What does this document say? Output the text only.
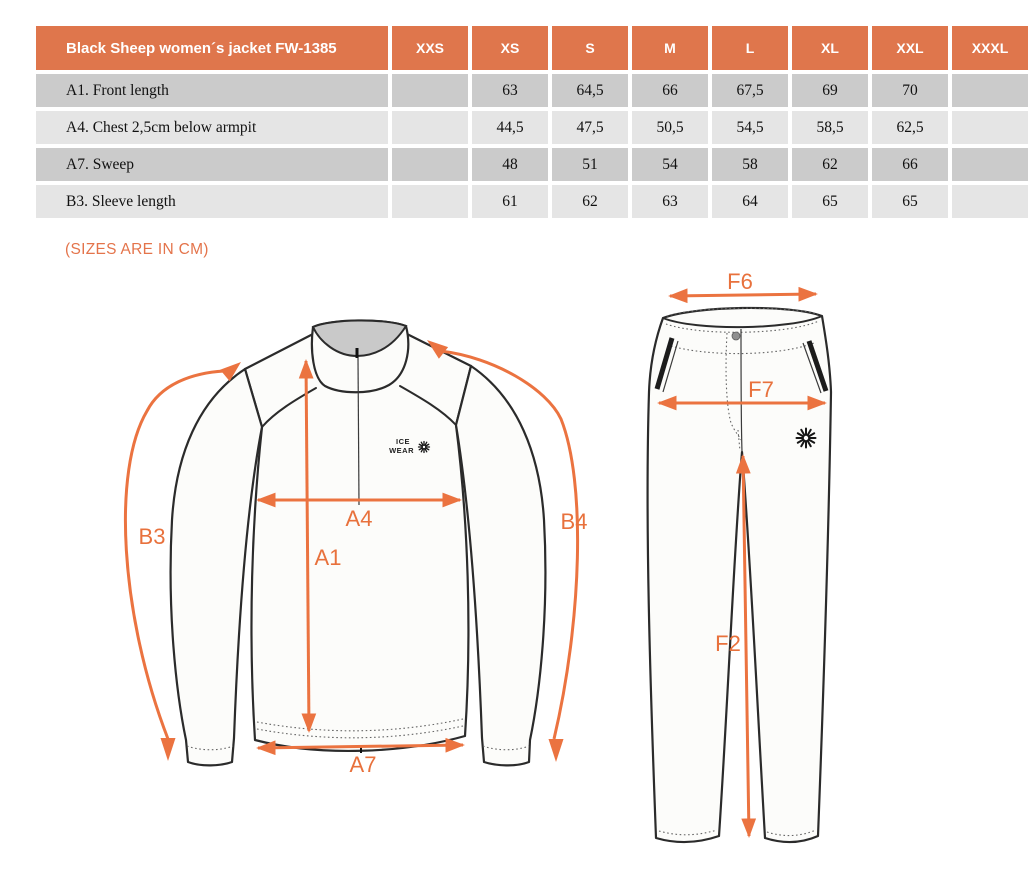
Black Sheep women´s jacket FW-1385	XXS	XS	S	M	L	XL	XXL	XXXL
A1. Front length		63	64,5	66	67,5	69	70	
A4. Chest 2,5cm below armpit		44,5	47,5	50,5	54,5	58,5	62,5	
A7. Sweep		48	51	54	58	62	66	
B3. Sleeve length		61	62	63	64	65	65	
(SIZES ARE IN CM)
ICE
WEAR
B3
A4
A1
B4
A7
F6
F7
F2
